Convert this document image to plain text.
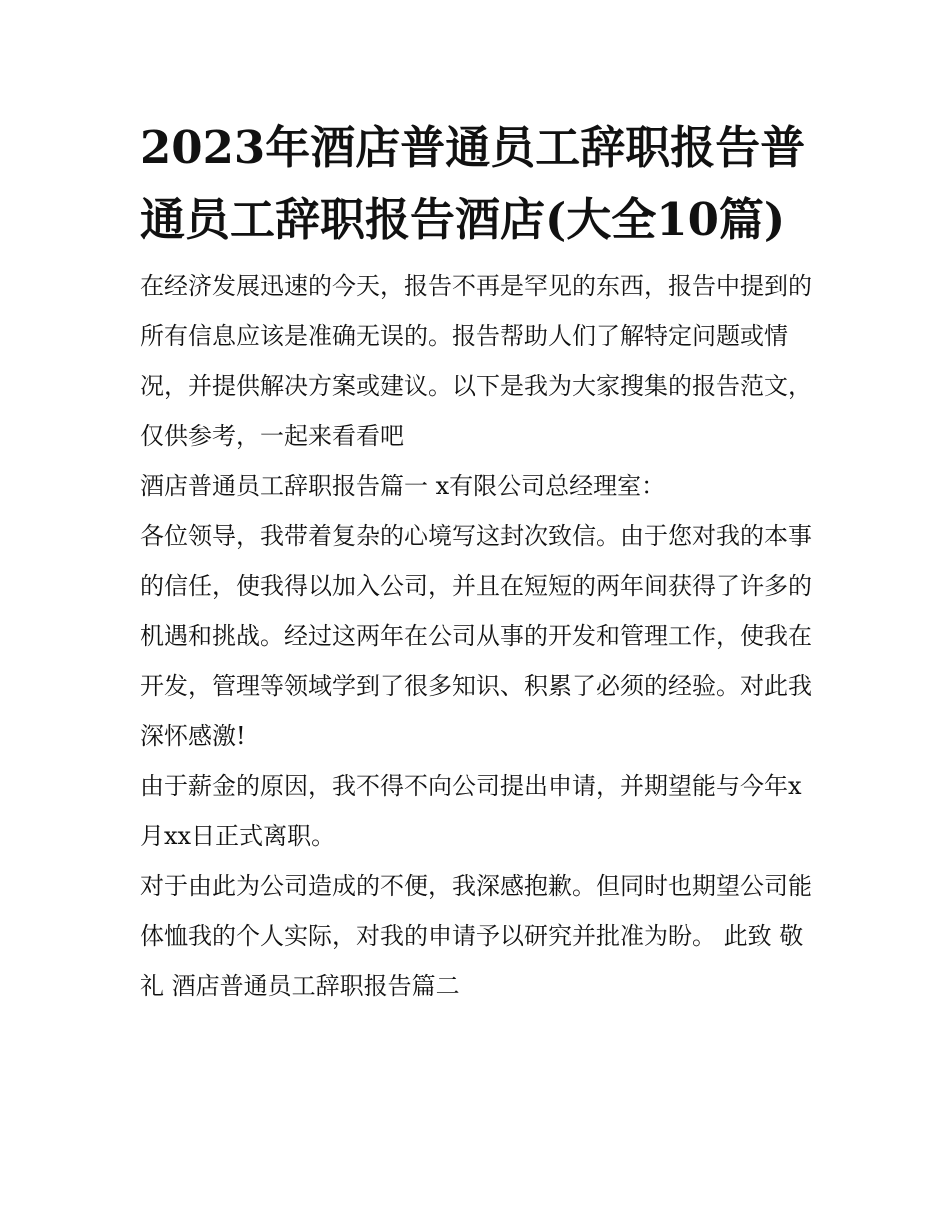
2023年酒店普通员工辞职报告普通员工辞职报告酒店(大全10篇)

在经济发展迅速的今天，报告不再是罕见的东西，报告中提到的所有信息应该是准确无误的。报告帮助人们了解特定问题或情况，并提供解决方案或建议。以下是我为大家搜集的报告范文，仅供参考，一起来看看吧

酒店普通员工辞职报告篇一 x有限公司总经理室：

各位领导，我带着复杂的心境写这封次致信。由于您对我的本事的信任，使我得以加入公司，并且在短短的两年间获得了许多的机遇和挑战。经过这两年在公司从事的开发和管理工作，使我在开发，管理等领域学到了很多知识、积累了必须的经验。对此我深怀感激!

由于薪金的原因，我不得不向公司提出申请，并期望能与今年x月xx日正式离职。

对于由此为公司造成的不便，我深感抱歉。但同时也期望公司能体恤我的个人实际，对我的申请予以研究并批准为盼。 此致 敬礼 酒店普通员工辞职报告篇二
